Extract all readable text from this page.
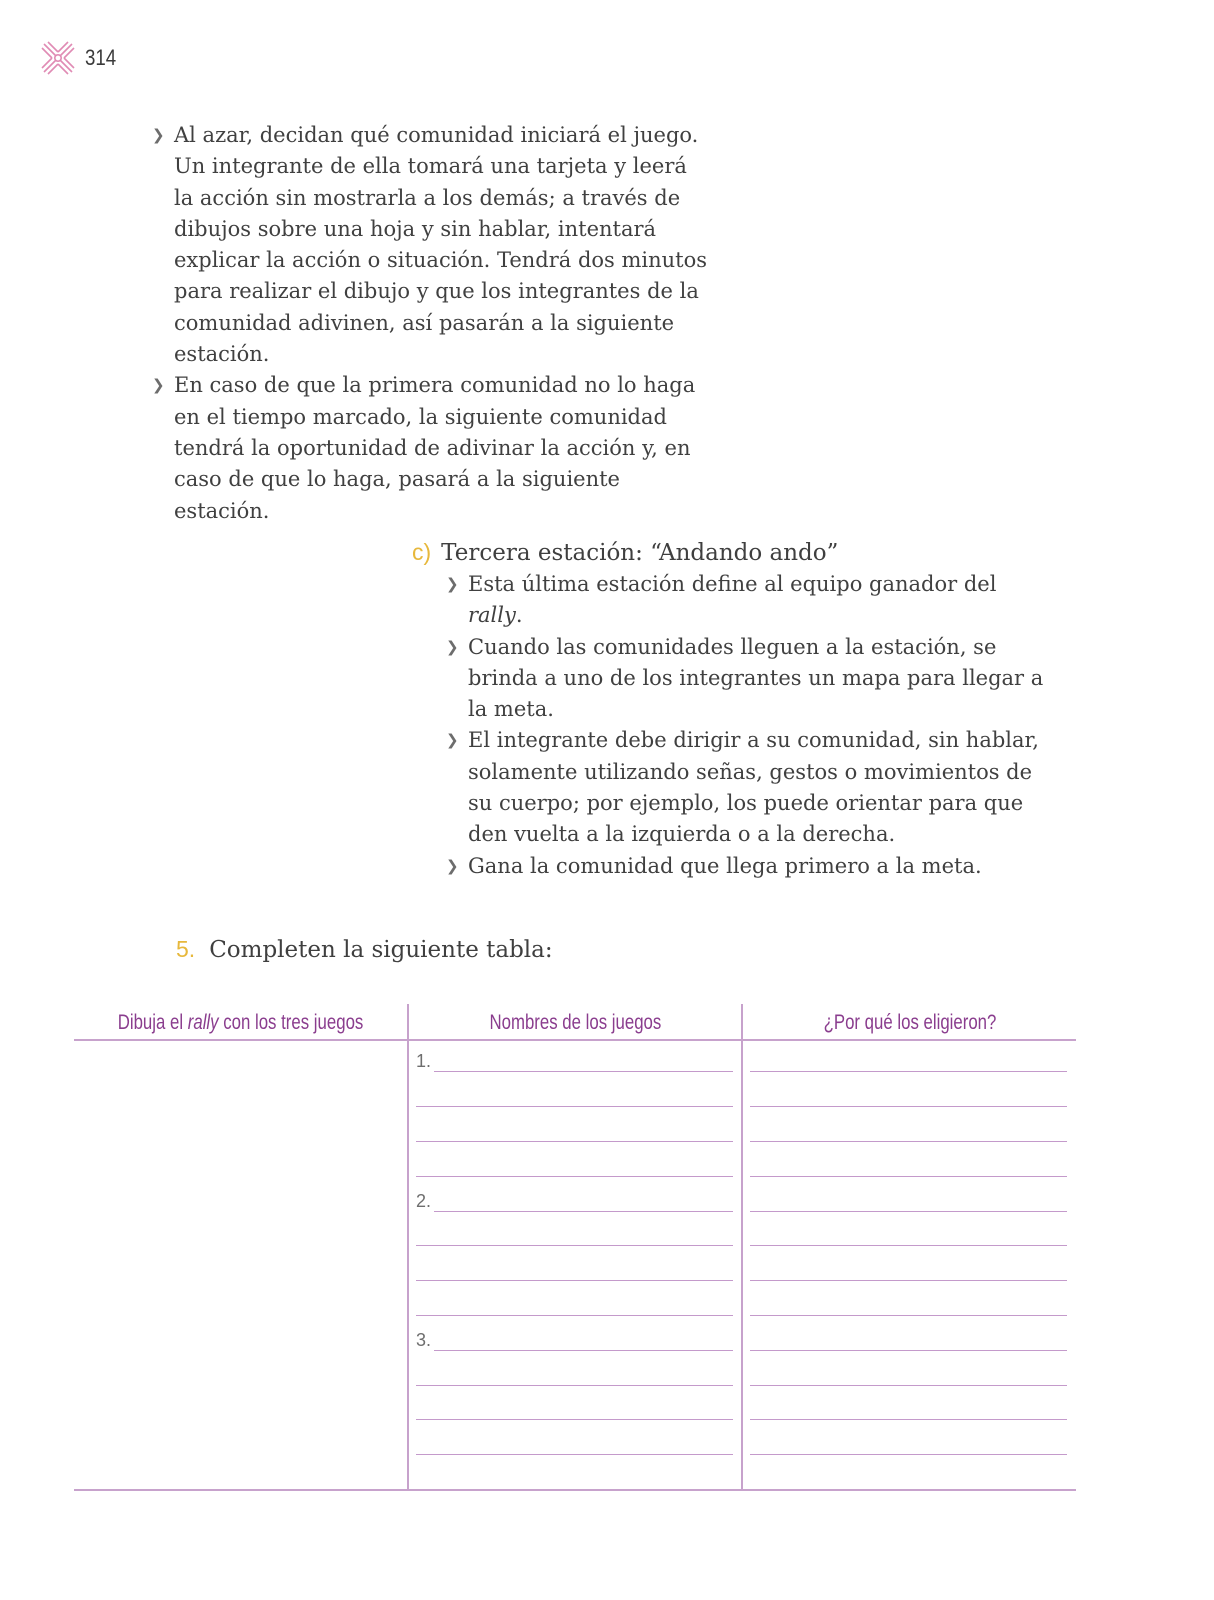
314
❯ Al azar, decidan qué comunidad iniciará el juego. Un integrante de ella tomará una tarjeta y leerá la acción sin mostrarla a los demás; a través de dibujos sobre una hoja y sin hablar, intentará explicar la acción o situación. Tendrá dos minutos para realizar el dibujo y que los integrantes de la comunidad adivinen, así pasarán a la siguiente estación.
❯ En caso de que la primera comunidad no lo haga en el tiempo marcado, la siguiente comunidad tendrá la oportunidad de adivinar la acción y, en caso de que lo haga, pasará a la siguiente estación.
c) Tercera estación: “Andando ando”
❯ Esta última estación define al equipo ganador del rally.
❯ Cuando las comunidades lleguen a la estación, se brinda a uno de los integrantes un mapa para llegar a la meta.
❯ El integrante debe dirigir a su comunidad, sin hablar, solamente utilizando señas, gestos o movimientos de su cuerpo; por ejemplo, los puede orientar para que den vuelta a la izquierda o a la derecha.
❯ Gana la comunidad que llega primero a la meta.
5. Completen la siguiente tabla:
Dibuja el rally con los tres juegos	Nombres de los juegos	¿Por qué los eligieron?
1.
2.
3.
